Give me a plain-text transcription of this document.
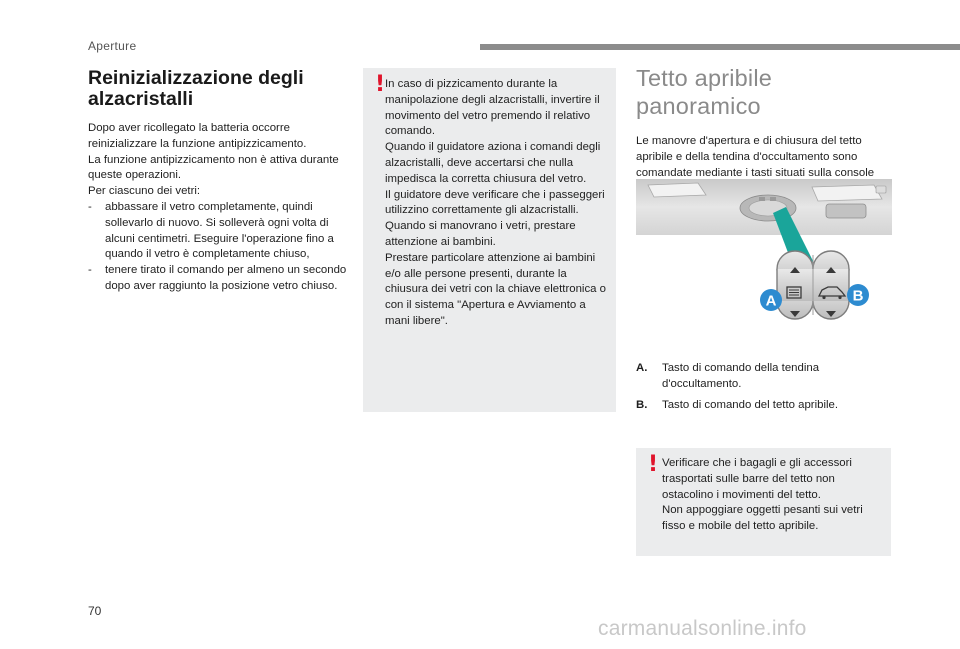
Aperture
Reinizializzazione degli
alzacristalli

Dopo aver ricollegato la batteria occorre reinizializzare la funzione antipizzicamento.

La funzione antipizzicamento non è attiva durante queste operazioni.

Per ciascuno dei vetri:

- abbassare il vetro completamente, quindi sollevarlo di nuovo. Si solleverà ogni volta di alcuni centimetri. Eseguire l'operazione fino a quando il vetro è completamente chiuso,
- tenere tirato il comando per almeno un secondo dopo aver raggiunto la posizione vetro chiuso.
! In caso di pizzicamento durante la manipolazione degli alzacristalli, invertire il movimento del vetro premendo il relativo comando.

Quando il guidatore aziona i comandi degli alzacristalli, deve accertarsi che nulla impedisca la corretta chiusura del vetro.

Il guidatore deve verificare che i passeggeri utilizzino correttamente gli alzacristalli.

Quando si manovrano i vetri, prestare attenzione ai bambini.

Prestare particolare attenzione ai bambini e/o alle persone presenti, durante la chiusura dei vetri con la chiave elettronica o con il sistema "Apertura e Avviamento a mani libere".

Tetto apribile panoramico

Le manovre d'apertura e di chiusura del tetto apribile e della tendina d'occultamento sono comandate mediante i tasti situati sulla console

A	B
A. Tasto di comando della tendina d'occultamento.
B. Tasto di comando del tetto apribile.
! Verificare che i bagagli e gli accessori trasportati sulle barre del tetto non ostacolino i movimenti del tetto.

Non appoggiare oggetti pesanti sui vetri fisso e mobile del tetto apribile.

70
carmanualsonline.info
